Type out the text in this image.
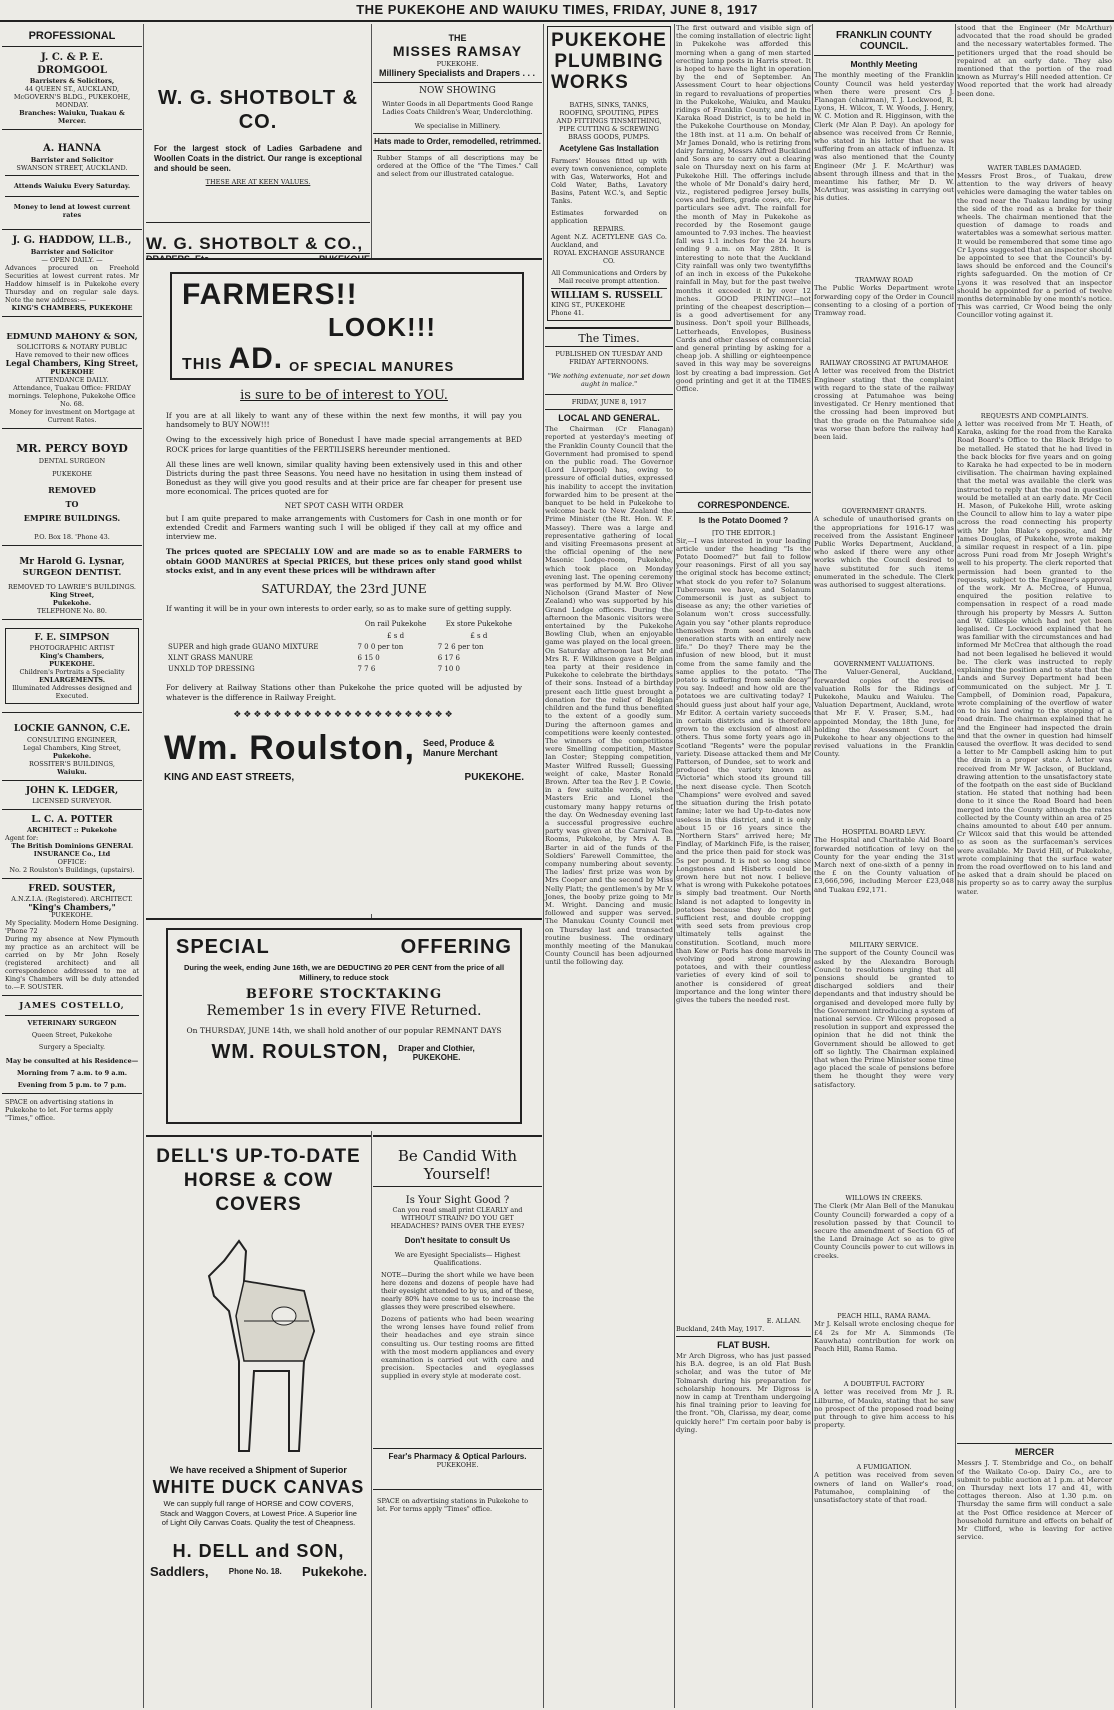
THE PUKEKOHE AND WAIUKU TIMES, FRIDAY, JUNE 8, 1917
PROFESSIONAL
J. C. & P. E. DROMGOOL
Barristers & Solicitors,
44 QUEEN ST., AUCKLAND,
McGOVERN'S BLDG., PUKEKOHE, MONDAY.
Branches: Waiuku, Tuakau & Mercer.
A. HANNA
Barrister and Solicitor
SWANSON STREET, AUCKLAND.
Attends Waiuku Every Saturday.
Money to lend at lowest current rates
J. G. HADDOW, LL.B.,
Barrister and Solicitor
— OPEN DAILY. —
Advances procured on Freehold Securities at lowest current rates. Mr Haddow himself is in Pukekohe every Thursday and on regular sale days. Note the new address:—
KING'S CHAMBERS, PUKEKOHE
EDMUND MAHONY & SON,
SOLICITORS & NOTARY PUBLIC
Have removed to their new offices
Legal Chambers, King Street,
PUKEKOHE
ATTENDANCE DAILY.
Attendance, Tuakau Office: FRIDAY mornings. Telephone, Pukekohe Office No. 68.
Money for investment on Mortgage at Current Rates.
MR. PERCY BOYD
DENTAL SURGEON
PUKEKOHE
REMOVED
TO
EMPIRE BUILDINGS.
P.O. Box 18. 'Phone 43.
Mr Harold G. Lysnar,
SURGEON DENTIST.
REMOVED TO LAWRIE'S BUILDINGS.
King Street,
Pukekohe.
TELEPHONE No. 80.
F. E. SIMPSON
PHOTOGRAPHIC ARTIST
King's Chambers,
PUKEKOHE.
Children's Portraits a Speciality
ENLARGEMENTS.
Illuminated Addresses designed and Executed.
LOCKIE GANNON, C.E.
CONSULTING ENGINEER,
Legal Chambers, King Street,
Pukekohe.
ROSSITER'S BUILDINGS,
Waiuku.
JOHN K. LEDGER,
LICENSED SURVEYOR.
L. C. A. POTTER
ARCHITECT :: Pukekohe
Agent for:
The British Dominions GENERAL INSURANCE Co., Ltd
OFFICE:
No. 2 Roulston's Buildings, (upstairs).
FRED. SOUSTER,
A.N.Z.I.A. (Registered). ARCHITECT.
"King's Chambers,"
PUKEKOHE.
My Speciality. Modern Home Designing.
'Phone 72
During my absence at New Plymouth my practice as an architect will be carried on by Mr John Rosely (registered architect) and all correspondence addressed to me at King's Chambers will be duly attended to.—F. SOUSTER.
JAMES COSTELLO,
VETERINARY SURGEON
Queen Street, Pukekohe
Surgery a Specialty.
May be consulted at his Residence—
Morning from 7 a.m. to 9 a.m.
Evening from 5 p.m. to 7 p.m.
SPACE on advertising stations in Pukekohe to let. For terms apply "Times," office.
W. G. SHOTBOLT & CO.
For the largest stock of Ladies Garbadene and Woollen Coats in the district. Our range is exceptional and should be seen.
THESE ARE AT KEEN VALUES.
W. G. SHOTBOLT & CO.,
THE
MISSES RAMSAY
PUKEKOHE.
Millinery Specialists and Drapers . . .
NOW SHOWING
Winter Goods in all Departments Good Range Ladies Coats Children's Wear, Underclothing.
We specialise in Millinery.
Hats made to Order, remodelled, retrimmed.
Rubber Stamps of all descriptions may be ordered at the Office of the "The Times." Call and select from our illustrated catalogue.
FARMERS!!
LOOK!!!
THIS AD. OF SPECIAL MANURES
is sure to be of interest to YOU.

If you are at all likely to want any of these within the next few months, it will pay you handsomely to BUY NOW!!!

Owing to the excessively high price of Bonedust I have made special arrangements at BED ROCK prices for large quantities of the FERTILISERS hereunder mentioned.

All these lines are well known, similar quality having been extensively used in this and other Districts during the past three Seasons. You need have no hesitation in using them instead of Bonedust as they will give you good results and at their price are far cheaper for present use more economical. The prices quoted are for

NET SPOT CASH WITH ORDER

but I am quite prepared to make arrangements with Customers for Cash in one month or for extended Credit and Farmers wanting such I will be obliged if they call at my office and interview me.

The prices quoted are SPECIALLY LOW and are made so as to enable FARMERS to obtain GOOD MANURES at Special PRICES, but these prices only stand good whilst stocks exist, and in any event these prices will be withdrawn after

SATURDAY, the 23rd JUNE

If wanting it will be in your own interests to order early, so as to make sure of getting supply.

	On rail Pukekohe	Ex store Pukekohe
	£ s d	£ s d
SUPER and high grade GUANO MIXTURE	7 0 0 per ton	7 2 6 per ton
XLNT GRASS MANURE	6 15 0	6 17 6
UNXLD TOP DRESSING	7 7 6	7 10 0

For delivery at Railway Stations other than Pukekohe the price quoted will be adjusted by whatever is the difference in Railway Freight.

❖❖❖❖❖❖❖❖❖❖❖❖❖❖❖❖❖❖❖❖❖❖
Wm. Roulston, Seed, Produce & Manure Merchant
KING AND EAST STREETS,	PUKEKOHE.
SPECIAL	OFFERING
During the week, ending June 16th, we are DEDUCTING 20 PER CENT from the price of all Millinery, to reduce stock
BEFORE STOCKTAKING
Remember 1s in every FIVE Returned.
On THURSDAY, JUNE 14th, we shall hold another of our popular REMNANT DAYS
WM. ROULSTON, Draper and Clothier, PUKEKOHE.
DELL'S UP-TO-DATE
HORSE & COW COVERS
We have received a Shipment of Superior
WHITE DUCK CANVAS
We can supply full range of HORSE and COW COVERS, Stack and Waggon Covers, at Lowest Price. A Superior line of Light Oily Canvas Coats. Quality the test of Cheapness.
H. DELL and SON,
Saddlers,	Phone No. 18. Pukekohe.
Be Candid With Yourself!
Is Your Sight Good ?
Can you read small print CLEARLY and WITHOUT STRAIN? DO YOU GET HEADACHES? PAINS OVER THE EYES?
Don't hesitate to consult Us
We are Eyesight Specialists— Highest Qualifications.
NOTE—During the short while we have been here dozens and dozens of people have had their eyesight attended to by us, and of these, nearly 80% have come to us to increase the glasses they were prescribed elsewhere.
Dozens of patients who had been wearing the wrong lenses have found relief from their headaches and eye strain since consulting us. Our testing rooms are fitted with the most modern appliances and every examination is carried out with care and precision. Spectacles and eyeglasses supplied in every style at moderate cost.
Fear's Pharmacy & Optical Parlours.
PUKEKOHE.
SPACE on advertising stations in Pukekohe to let. For terms apply "Times" office.
PUKEKOHE
PLUMBING
WORKS
BATHS, SINKS, TANKS, ROOFING, SPOUTING, PIPES AND FITTINGS TINSMITHING, PIPE CUTTING & SCREWING BRASS GOODS, PUMPS.
Acetylene Gas Installation
Farmers' Houses fitted up with every town convenience, complete with Gas, Waterworks, Hot and Cold Water, Baths, Lavatory Basins, Patent W.C.'s, and Septic Tanks.
Estimates forwarded on application
REPAIRS.
Agent N.Z. ACETYLENE GAS Co. Auckland, and
ROYAL EXCHANGE ASSURANCE CO.
All Communications and Orders by Mail receive prompt attention.
WILLIAM S. RUSSELL
KING ST., PUKEKOHE
Phone 41.
The Times.
PUBLISHED ON TUESDAY AND FRIDAY AFTERNOONS.
"We nothing extenuate, nor set down aught in malice."
FRIDAY, JUNE 8, 1917
LOCAL AND GENERAL.
The Chairman (Cr Flanagan) reported at yesterday's meeting of the Franklin County Council that the Government had promised to spend on the public road. The Governor (Lord Liverpool) has, owing to pressure of official duties, expressed his inability to accept the invitation forwarded him to be present at the banquet to be held in Pukekohe to welcome back to New Zealand the Prime Minister (the Rt. Hon. W. F. Massey). There was a large and representative gathering of local and visiting Freemasons present at the official opening of the new Masonic Lodge-room, Pukekohe, which took place on Monday evening last. The opening ceremony was performed by M.W. Bro Oliver Nicholson (Grand Master of New Zealand) who was supported by his Grand Lodge officers. During the afternoon the Masonic visitors were entertained by the Pukekohe Bowling Club, when an enjoyable game was played on the local green. On Saturday afternoon last Mr and Mrs R. F. Wilkinson gave a Belgian tea party at their residence in Pukekohe to celebrate the birthdays of their sons. Instead of a birthday present each little guest brought a donation for the relief of Belgian children and the fund thus benefited to the extent of a goodly sum. During the afternoon games and competitions were keenly contested. The winners of the competitions were Smelling competition, Master Ian Coster; Stepping competition, Master Wilfred Russell; Guessing weight of cake, Master Ronald Brown. After tea the Rev J. P. Cowie, in a few suitable words, wished Masters Eric and Lionel the customary many happy returns of the day. On Wednesday evening last a successful progressive euchre party was given at the Carnival Tea Rooms, Pukekohe, by Mrs A. B. Barter in aid of the funds of the Soldiers' Farewell Committee, the company numbering about seventy. The ladies' first prize was won by Mrs Cooper and the second by Miss Nelly Platt; the gentlemen's by Mr V. Jones, the booby prize going to Mr M. Wright. Dancing and music followed and supper was served. The Manukau County Council met on Thursday last and transacted routine business. The ordinary monthly meeting of the Manukau County Council has been adjourned until the following day.
The first outward and visible sign of the coming installation of electric light in Pukekohe was afforded this morning when a gang of men started erecting lamp posts in Harris street. It is hoped to have the light in operation by the end of September. An Assessment Court to hear objections in regard to revaluations of properties in the Pukekohe, Waiuku, and Mauku ridings of Franklin County, and in the Karaka Road District, is to be held in the Pukekohe Courthouse on Monday, the 18th inst. at 11 a.m. On behalf of Mr James Donald, who is retiring from dairy farming, Messrs Alfred Buckland and Sons are to carry out a clearing sale on Thursday next on his farm at Pukekohe Hill. The offerings include the whole of Mr Donald's dairy herd, viz., registered pedigree Jersey bulls, cows and heifers, grade cows, etc. For particulars see advt. The rainfall for the month of May in Pukekohe as recorded by the Rosemont gauge amounted to 7.93 inches. The heaviest fall was 1.1 inches for the 24 hours ending 9 a.m. on May 28th. It is interesting to note that the Auckland City rainfall was only two twentyfifths of an inch in excess of the Pukekohe rainfall in May, but for the past twelve months it exceeded it by over 12 inches. GOOD PRINTING!—not printing of the cheapest description—is a good advertisement for any business. Don't spoil your Billheads, Letterheads, Envelopes, Business Cards and other classes of commercial and general printing by asking for a cheap job. A shilling or eighteenpence saved in this way may be sovereigns lost by creating a bad impression. Get good printing and get it at the TIMES Office.
CORRESPONDENCE.
Is the Potato Doomed ?
[TO THE EDITOR.]
Sir,—I was interested in your leading article under the heading "Is the Potato Doomed?" but fail to follow your reasonings. First of all you say the original stock has become extinct; what stock do you refer to? Solanum Tuberosum we have, and Solanum Commersonii is just as subject to disease as any; the other varieties of Solanum won't cross successfully. Again you say "other plants reproduce themselves from seed and each generation starts with an entirely new life." Do they? There may be the infusion of new blood, but it must come from the same family and the same applies to the potato. "The potato is suffering from senile decay" you say. Indeed! and how old are the potatoes we are cultivating today? I should guess just about half your age, Mr Editor. A certain variety succeeds in certain districts and is therefore grown to the exclusion of almost all others. Thus some forty years ago in Scotland "Regents" were the popular variety. Disease attacked them and Mr Patterson, of Dundee, set to work and produced the variety known as "Victoria" which stood its ground till the next disease cycle. Then Scotch "Champions" were evolved and saved the situation during the Irish potato famine; later we had Up-to-dates now useless in this district, and it is only about 15 or 16 years since the "Northern Stars" arrived here; Mr Findlay, of Markinch Fife, is the raiser, and the price then paid for stock was 5s per pound. It is not so long since Longstones and Hisberts could be grown here but not now. I believe what is wrong with Pukekohe potatoes is simply bad treatment. Our North Island is not adapted to longevity in potatoes because they do not get sufficient rest, and double cropping with seed sets from previous crop ultimately tells against the constitution. Scotland, much more than Kew or Paris has done marvels in evolving good strong growing potatoes, and with their countless varieties of every kind of soil to another is considered of great importance and the long winter there gives the tubers the needed rest.
E. ALLAN.
Buckland, 24th May, 1917.
FLAT BUSH.
Mr Arch Digross, who has just passed his B.A. degree, is an old Flat Bush scholar, and was the tutor of Mr Tolmarsh during his preparation for scholarship honours. Mr Digross is now in camp at Trentham undergoing his final training prior to leaving for the front. "Oh, Clarissa, my dear, come quickly here!" I'm certain poor baby is dying.
FRANKLIN COUNTY COUNCIL.
Monthly Meeting
The monthly meeting of the Franklin County Council was held yesterday when there were present Crs J. Flanagan (chairman), T. J. Lockwood, R. Lyons, H. Wilcox, T. W. Woods, J. Henry, W. C. Motion and R. Higginson, with the Clerk (Mr Alan P. Day). An apology for absence was received from Cr Rennie, who stated in his letter that he was suffering from an attack of influenza. It was also mentioned that the County Engineer (Mr J. F. McArthur) was absent through illness and that in the meantime his father, Mr D. W. McArthur, was assisting in carrying out his duties.
TRAMWAY ROAD
The Public Works Department wrote forwarding copy of the Order in Council consenting to a closing of a portion of Tramway road.
RAILWAY CROSSING AT PATUMAHOE
A letter was received from the District Engineer stating that the complaint with regard to the state of the railway crossing at Patumahoe was being investigated. Cr Henry mentioned that the crossing had been improved but that the grade on the Patumahoe side was worse than before the railway had been laid.
GOVERNMENT GRANTS.
A schedule of unauthorised grants on the appropriations for 1916-17 was received from the Assistant Engineer Public Works Department, Auckland, who asked if there were any other works which the Council desired to have substituted for such items enumerated in the schedule. The Clerk was authorised to suggest alterations.
GOVERNMENT VALUATIONS.
The Valuer-General, Auckland, forwarded copies of the revised valuation Rolls for the Ridings of Pukekohe, Mauku and Waiuku. The Valuation Department, Auckland, wrote that Mr F. V. Fraser, S.M., had appointed Monday, the 18th June, for holding the Assessment Court at Pukekohe to hear any objections to the revised valuations in the Franklin County.
HOSPITAL BOARD LEVY.
The Hospital and Charitable Aid Board forwarded notification of levy on the County for the year ending the 31st March next of one-sixth of a penny in the £ on the County valuation of £3,666,596, including Mercer £23,048 and Tuakau £92,171.
MILITARY SERVICE.
The support of the County Council was asked by the Alexandra Borough Council to resolutions urging that all pensions should be granted to discharged soldiers and their dependants and that industry should be organised and developed more fully by the Government introducing a system of national service. Cr Wilcox proposed a resolution in support and expressed the opinion that he did not think the Government should be allowed to get off so lightly. The Chairman explained that when the Prime Minister some time ago placed the scale of pensions before them he thought they were very satisfactory.
WILLOWS IN CREEKS.
The Clerk (Mr Alan Bell of the Manukau County Council) forwarded a copy of a resolution passed by that Council to secure the amendment of Section 65 of the Land Drainage Act so as to give County Councils power to cut willows in creeks.
PEACH HILL, RAMA RAMA.
Mr J. Kelsall wrote enclosing cheque for £4 2s for Mr A. Simmonds (Te Kauwhata) contribution for work on Peach Hill, Rama Rama.
A DOUBTFUL FACTORY
A letter was received from Mr J. R. Lilburne, of Mauku, stating that he saw no prospect of the proposed road being put through to give him access to his property.
A FUMIGATION.
A petition was received from seven owners of land on Waller's road, Patumahoe, complaining of the unsatisfactory state of that road.
stood that the Engineer (Mr McArthur) advocated that the road should be graded and the necessary watertables formed. The petitioners urged that the road should be repaired at an early date. They also mentioned that the portion of the road known as Murray's Hill needed attention. Cr Wood reported that the work had already been done.
WATER TABLES DAMAGED.
Messrs Frost Bros., of Tuakau, drew attention to the way drivers of heavy vehicles were damaging the water tables on the road near the Tuakau landing by using the side of the road as a brake for their wheels. The chairman mentioned that the question of damage to roads and watertables was a somewhat serious matter. It would be remembered that some time ago Cr Lyons suggested that an inspector should be appointed to see that the Council's by-laws should be enforced and the Council's rights safeguarded. On the motion of Cr Lyons it was resolved that an inspector should be appointed for a period of twelve months determinable by one month's notice. This was carried, Cr Wood being the only Councillor voting against it.
REQUESTS AND COMPLAINTS.
A letter was received from Mr T. Heath, of Karaka, asking for the road from the Karaka Road Board's Office to the Black Bridge to be metalled. He stated that he had lived in the back blocks for five years and on going to Karaka he had expected to be in modern civilisation. The chairman having explained that the metal was available the clerk was instructed to reply that the road in question would be metalled at an early date. Mr Cecil H. Mason, of Pukekohe Hill, wrote asking the Council to allow him to lay a water pipe across the road connecting his property with Mr John Blake's opposite, and Mr James Douglas, of Pukekohe, wrote making a similar request in respect of a 1in. pipe across Puni road from Mr Joseph Wright's well to his property. The clerk reported that permission had been granted to the requests, subject to the Engineer's approval of the work. Mr A. McCrea, of Hunua, enquired the position relative to compensation in respect of a road made through his property by Messrs A. Sutton and W. Gillespie which had not yet been legalised. Cr Lockwood explained that he was familiar with the circumstances and had informed Mr McCrea that although the road had not been legalised he believed it would be. The clerk was instructed to reply explaining the position and to state that the Lands and Survey Department had been communicated on the subject. Mr J. T. Campbell, of Dominion road, Papakura, wrote complaining of the overflow of water on to his land owing to the stopping of a road drain. The chairman explained that he and the Engineer had inspected the drain and that the owner in question had himself caused the overflow. It was decided to send a letter to Mr Campbell asking him to put the drain in a proper state. A letter was received from Mr W. Jackson, of Buckland, drawing attention to the unsatisfactory state of the footpath on the east side of Buckland station. He stated that nothing had been done to it since the Road Board had been merged into the County although the rates collected by the County within an area of 25 chains amounted to about £40 per annum. Cr Wilcox said that this would be attended to as soon as the surfaceman's services were available. Mr David Hill, of Pukekohe, wrote complaining that the surface water from the road overflowed on to his land and he asked that a drain should be placed on his property so as to carry away the surplus water.
MERCER
Messrs J. T. Stembridge and Co., on behalf of the Waikato Co-op. Dairy Co., are to submit to public auction at 1 p.m. at Mercer on Thursday next lots 17 and 41, with cottages thereon. Also at 1.30 p.m. on Thursday the same firm will conduct a sale at the Post Office residence at Mercer of household furniture and effects on behalf of Mr Clifford, who is leaving for active service.
